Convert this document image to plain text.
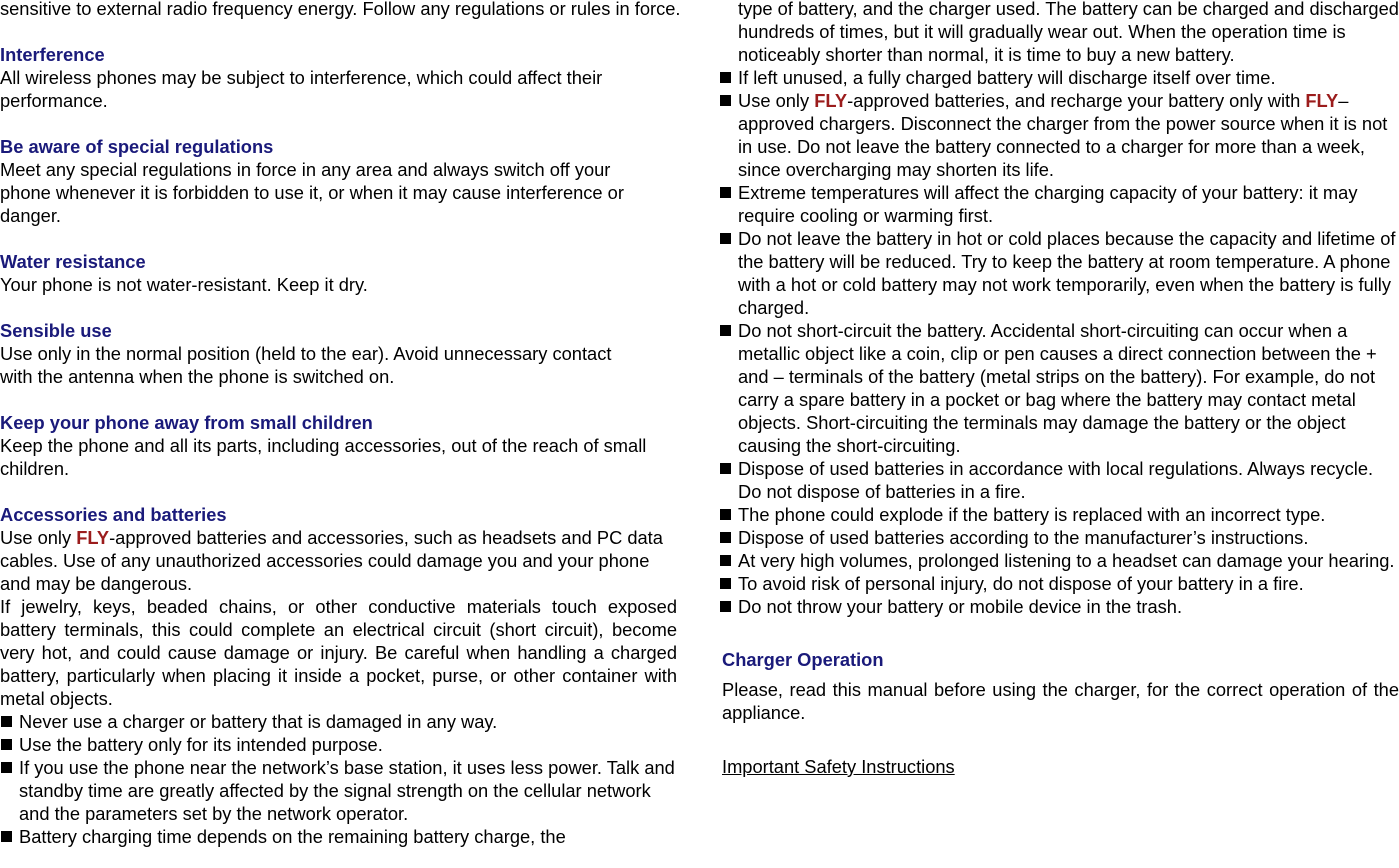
sensitive to external radio frequency energy. Follow any regulations or rules in force.

Interference

All wireless phones may be subject to interference, which could affect their performance.

Be aware of special regulations

Meet any special regulations in force in any area and always switch off your phone whenever it is forbidden to use it, or when it may cause interference or danger.

Water resistance

Your phone is not water-resistant. Keep it dry.

Sensible use

Use only in the normal position (held to the ear). Avoid unnecessary contact with the antenna when the phone is switched on.

Keep your phone away from small children

Keep the phone and all its parts, including accessories, out of the reach of small children.

Accessories and batteries

Use only FLY-approved batteries and accessories, such as headsets and PC data cables. Use of any unauthorized accessories could damage you and your phone and may be dangerous.

If jewelry, keys, beaded chains, or other conductive materials touch exposed battery terminals, this could complete an electrical circuit (short circuit), become very hot, and could cause damage or injury. Be careful when handling a charged battery, particularly when placing it inside a pocket, purse, or other container with metal objects.

Never use a charger or battery that is damaged in any way.
Use the battery only for its intended purpose.
If you use the phone near the network’s base station, it uses less power. Talk and standby time are greatly affected by the signal strength on the cellular network and the parameters set by the network operator.
Battery charging time depends on the remaining battery charge, the

type of battery, and the charger used. The battery can be charged and discharged hundreds of times, but it will gradually wear out. When the operation time is noticeably shorter than normal, it is time to buy a new battery.

If left unused, a fully charged battery will discharge itself over time.
Use only FLY-approved batteries, and recharge your battery only with FLY–approved chargers. Disconnect the charger from the power source when it is not in use. Do not leave the battery connected to a charger for more than a week, since overcharging may shorten its life.
Extreme temperatures will affect the charging capacity of your battery: it may require cooling or warming first.
Do not leave the battery in hot or cold places because the capacity and lifetime of the battery will be reduced. Try to keep the battery at room temperature. A phone with a hot or cold battery may not work temporarily, even when the battery is fully charged.
Do not short-circuit the battery. Accidental short-circuiting can occur when a metallic object like a coin, clip or pen causes a direct connection between the + and – terminals of the battery (metal strips on the battery). For example, do not carry a spare battery in a pocket or bag where the battery may contact metal objects. Short-circuiting the terminals may damage the battery or the object causing the short-circuiting.
Dispose of used batteries in accordance with local regulations. Always recycle. Do not dispose of batteries in a fire.
The phone could explode if the battery is replaced with an incorrect type.
Dispose of used batteries according to the manufacturer’s instructions.
At very high volumes, prolonged listening to a headset can damage your hearing.
To avoid risk of personal injury, do not dispose of your battery in a fire.
Do not throw your battery or mobile device in the trash.

Charger Operation

Please, read this manual before using the charger, for the correct operation of the appliance.

Important Safety Instructions
